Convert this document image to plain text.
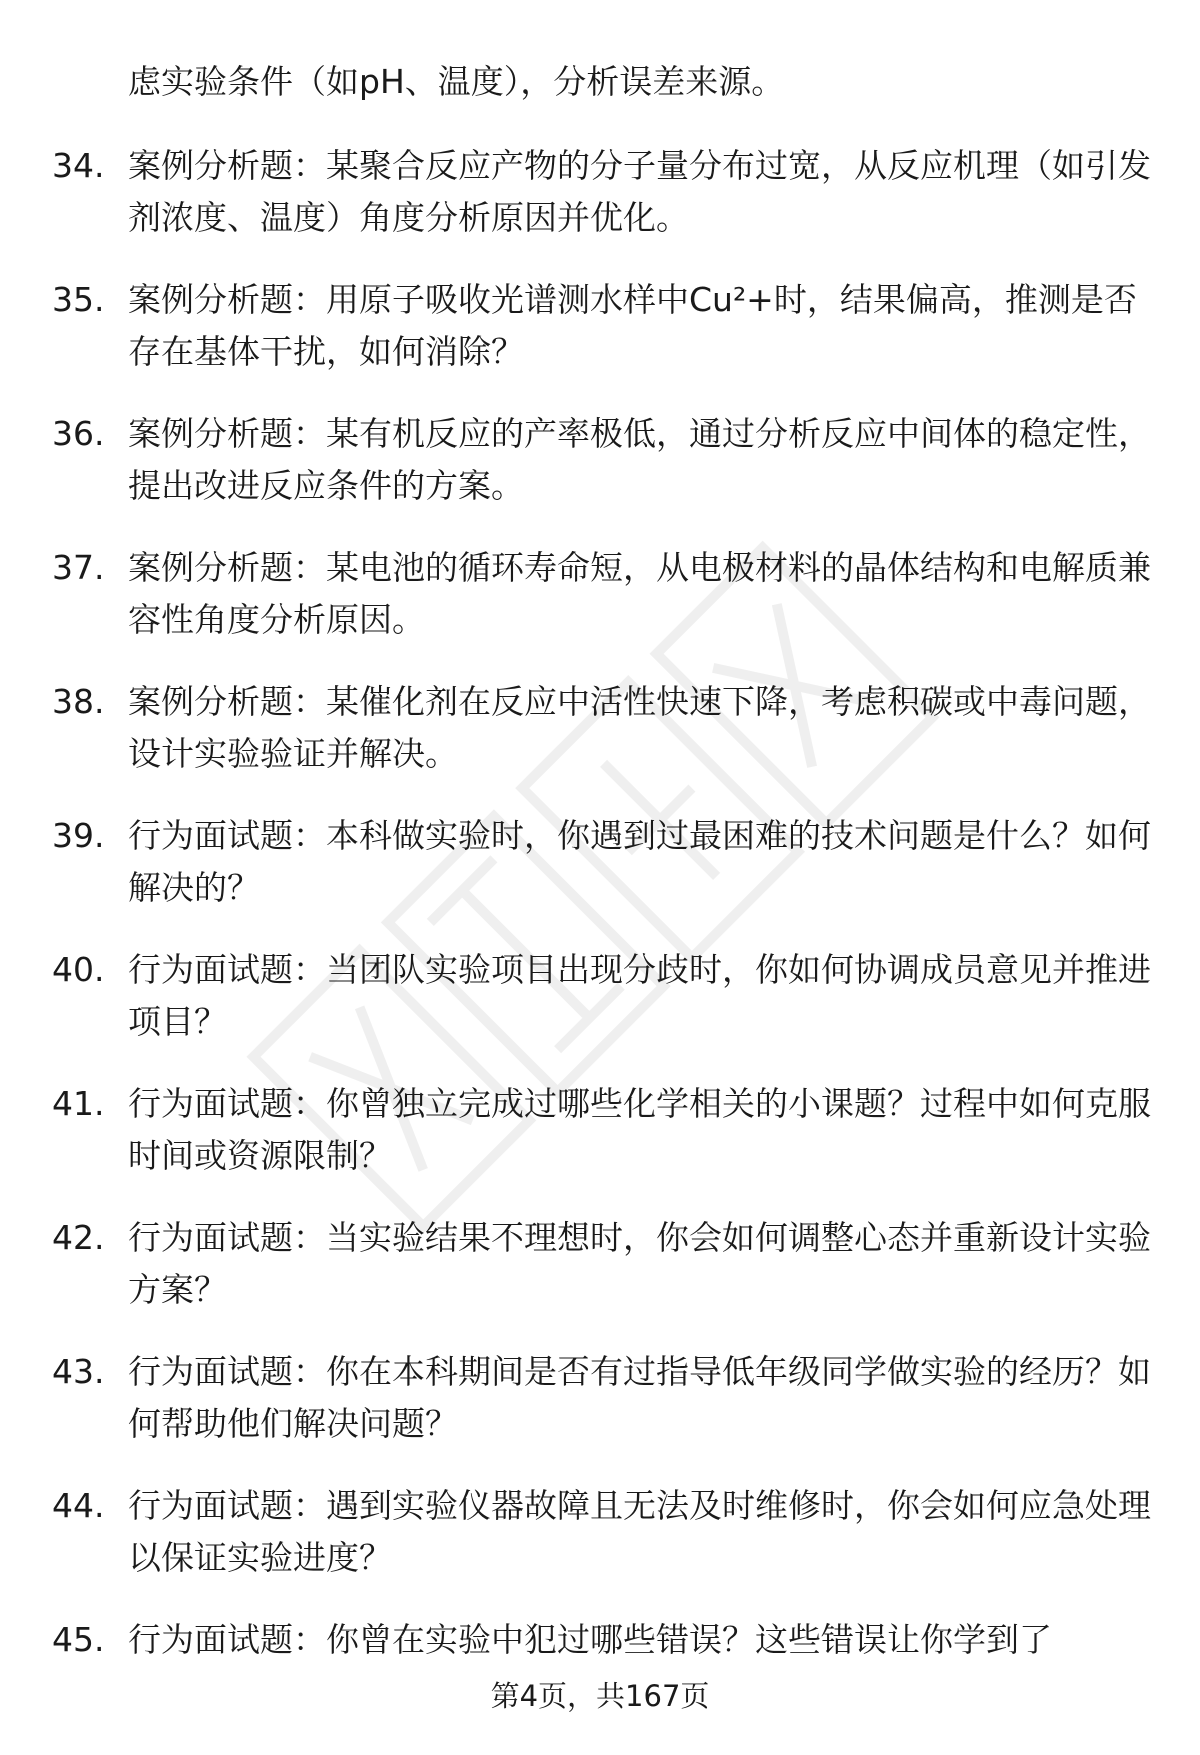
虑实验条件（如pH、温度），分析误差来源。
34. 案例分析题：某聚合反应产物的分子量分布过宽，从反应机理（如引发剂浓度、温度）角度分析原因并优化。
35. 案例分析题：用原子吸收光谱测水样中Cu²+时，结果偏高，推测是否存在基体干扰，如何消除？
36. 案例分析题：某有机反应的产率极低，通过分析反应中间体的稳定性，提出改进反应条件的方案。
37. 案例分析题：某电池的循环寿命短，从电极材料的晶体结构和电解质兼容性角度分析原因。
38. 案例分析题：某催化剂在反应中活性快速下降，考虑积碳或中毒问题，设计实验验证并解决。
39. 行为面试题：本科做实验时，你遇到过最困难的技术问题是什么？如何解决的？
40. 行为面试题：当团队实验项目出现分歧时，你如何协调成员意见并推进项目？
41. 行为面试题：你曾独立完成过哪些化学相关的小课题？过程中如何克服时间或资源限制？
42. 行为面试题：当实验结果不理想时，你会如何调整心态并重新设计实验方案？
43. 行为面试题：你在本科期间是否有过指导低年级同学做实验的经历？如何帮助他们解决问题？
44. 行为面试题：遇到实验仪器故障且无法及时维修时，你会如何应急处理以保证实验进度？
45. 行为面试题：你曾在实验中犯过哪些错误？这些错误让你学到了
第4页，共167页
